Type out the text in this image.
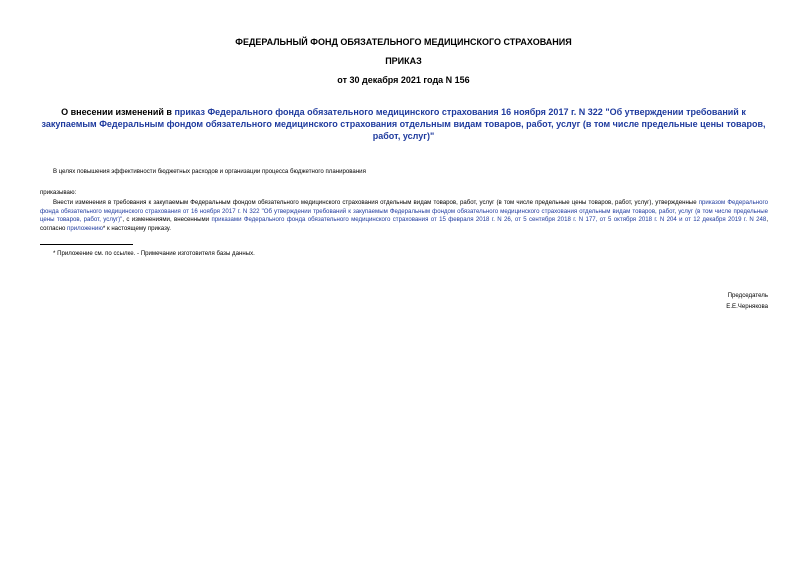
ФЕДЕРАЛЬНЫЙ ФОНД ОБЯЗАТЕЛЬНОГО МЕДИЦИНСКОГО СТРАХОВАНИЯ
ПРИКАЗ
от 30 декабря 2021 года N 156
О внесении изменений в приказ Федерального фонда обязательного медицинского страхования 16 ноября 2017 г. N 322 "Об утверждении требований к закупаемым Федеральным фондом обязательного медицинского страхования отдельным видам товаров, работ, услуг (в том числе предельные цены товаров, работ, услуг)"
В целях повышения эффективности бюджетных расходов и организации процесса бюджетного планирования
приказываю:
Внести изменения в требования к закупаемым Федеральным фондом обязательного медицинского страхования отдельным видам товаров, работ, услуг (в том числе предельные цены товаров, работ, услуг), утвержденные приказом Федерального фонда обязательного медицинского страхования от 16 ноября 2017 г. N 322 "Об утверждении требований к закупаемым Федеральным фондом обязательного медицинского страхования отдельным видам товаров, работ, услуг (в том числе предельные цены товаров, работ, услуг)", с изменениями, внесенными приказами Федерального фонда обязательного медицинского страхования от 15 февраля 2018 г. N 26, от 5 сентября 2018 г. N 177, от 5 октября 2018 г. N 204 и от 12 декабря 2019 г. N 248, согласно приложению* к настоящему приказу.
* Приложение см. по ссылке. - Примечание изготовителя базы данных.
Председатель
Е.Е.Чернякова
